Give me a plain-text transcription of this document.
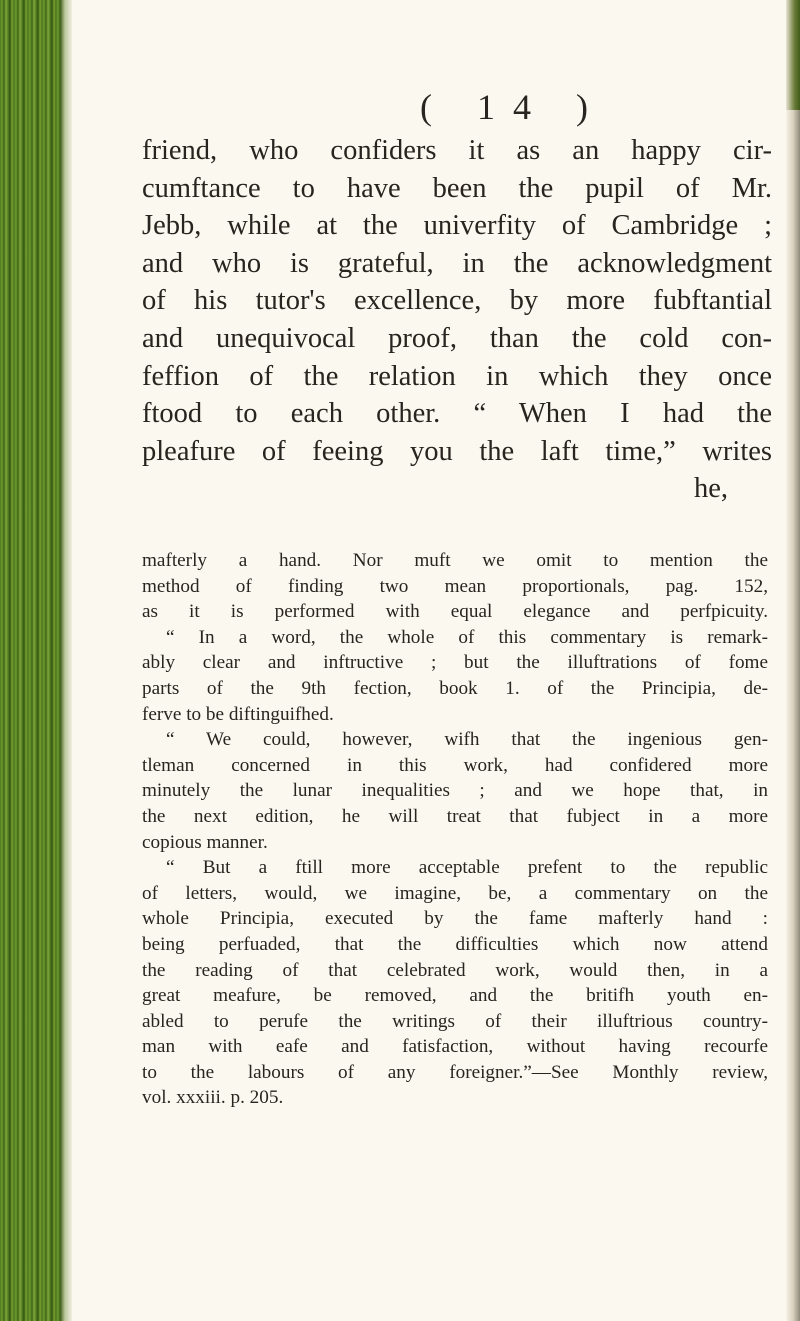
( 14 )
friend, who confiders it as an happy cir-
cumftance to have been the pupil of Mr.
Jebb, while at the univerfity of Cambridge ;
and who is grateful, in the acknowledgment
of his tutor's excellence, by more fubftantial
and unequivocal proof, than the cold con-
feffion of the relation in which they once
ftood to each other. “ When I had the
pleafure of feeing you the laft time,” writes
he,
mafterly a hand. Nor muft we omit to mention the
method of finding two mean proportionals, pag. 152,
as it is performed with equal elegance and perfpicuity.
“ In a word, the whole of this commentary is remark-
ably clear and inftructive ; but the illuftrations of fome
parts of the 9th fection, book 1. of the Principia, de-
ferve to be diftinguifhed.
“ We could, however, wifh that the ingenious gen-
tleman concerned in this work, had confidered more
minutely the lunar inequalities ; and we hope that, in
the next edition, he will treat that fubject in a more
copious manner.
“ But a ftill more acceptable prefent to the republic
of letters, would, we imagine, be, a commentary on the
whole Principia, executed by the fame mafterly hand :
being perfuaded, that the difficulties which now attend
the reading of that celebrated work, would then, in a
great meafure, be removed, and the britifh youth en-
abled to perufe the writings of their illuftrious country-
man with eafe and fatisfaction, without having recourfe
to the labours of any foreigner.”—See Monthly review,
vol. xxxiii. p. 205.
